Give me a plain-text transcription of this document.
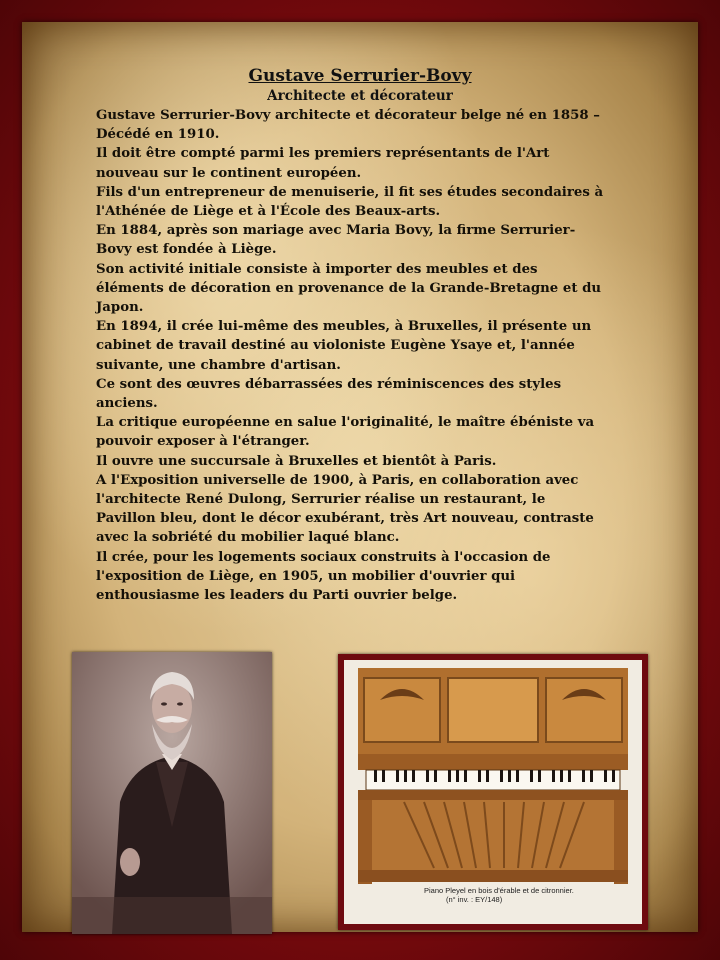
Gustave Serrurier-Bovy
Architecte et décorateur

Gustave Serrurier-Bovy architecte et décorateur belge né en 1858 – Décédé en 1910.

Il doit être compté parmi les premiers représentants de l'Art nouveau sur le continent européen.

Fils d'un entrepreneur de menuiserie, il fit ses études secondaires à l'Athénée de Liège et à l'École des Beaux-arts.

En 1884, après son mariage avec Maria Bovy, la firme Serrurier-Bovy est fondée à Liège.

Son activité initiale consiste à importer des meubles et des éléments de décoration en provenance de la Grande-Bretagne et du Japon.

En 1894, il crée lui-même des meubles, à Bruxelles, il présente un cabinet de travail destiné au violoniste Eugène Ysaye et, l'année suivante, une chambre d'artisan.

Ce sont des œuvres débarrassées des réminiscences des styles anciens.

La critique européenne en salue l'originalité, le maître ébéniste va pouvoir exposer à l'étranger.

Il ouvre une succursale à Bruxelles et bientôt à Paris.

A l'Exposition universelle de 1900, à Paris, en collaboration avec l'architecte René Dulong, Serrurier réalise un restaurant, le Pavillon bleu, dont le décor exubérant, très Art nouveau, contraste avec la sobriété du mobilier laqué blanc.

Il crée, pour les logements sociaux construits à l'occasion de l'exposition de Liège, en 1905, un mobilier d'ouvrier qui enthousiasme les leaders du Parti ouvrier belge.

Piano Pleyel en bois d'érable et de citronnier.
(n° inv. : EY/148)
